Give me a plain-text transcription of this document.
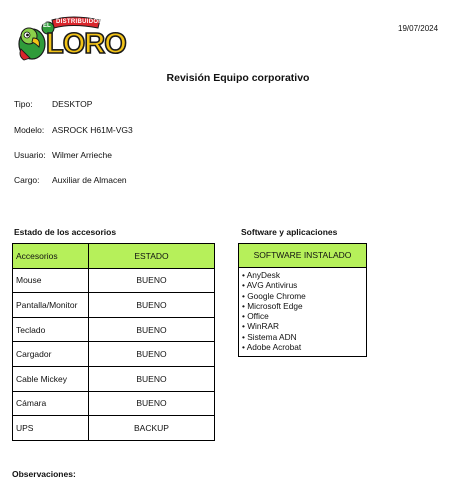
DISTRIBUIDORA
EL
LORO	19/07/2024
Revisión Equipo corporativo
Tipo: DESKTOP
Modelo: ASROCK H61M-VG3
Usuario: Wilmer Arrieche
Cargo: Auxiliar de Almacen
Estado de los accesorios
Accesorios	ESTADO
Mouse	BUENO
Pantalla/Monitor	BUENO
Teclado	BUENO
Cargador	BUENO
Cable Mickey	BUENO
Cámara	BUENO
UPS	BACKUP
Software y aplicaciones
SOFTWARE INSTALADO
• AnyDesk
• AVG Antivirus
• Google Chrome
• Microsoft Edge
• Office
• WinRAR
• Sistema ADN
• Adobe Acrobat
Observaciones:
